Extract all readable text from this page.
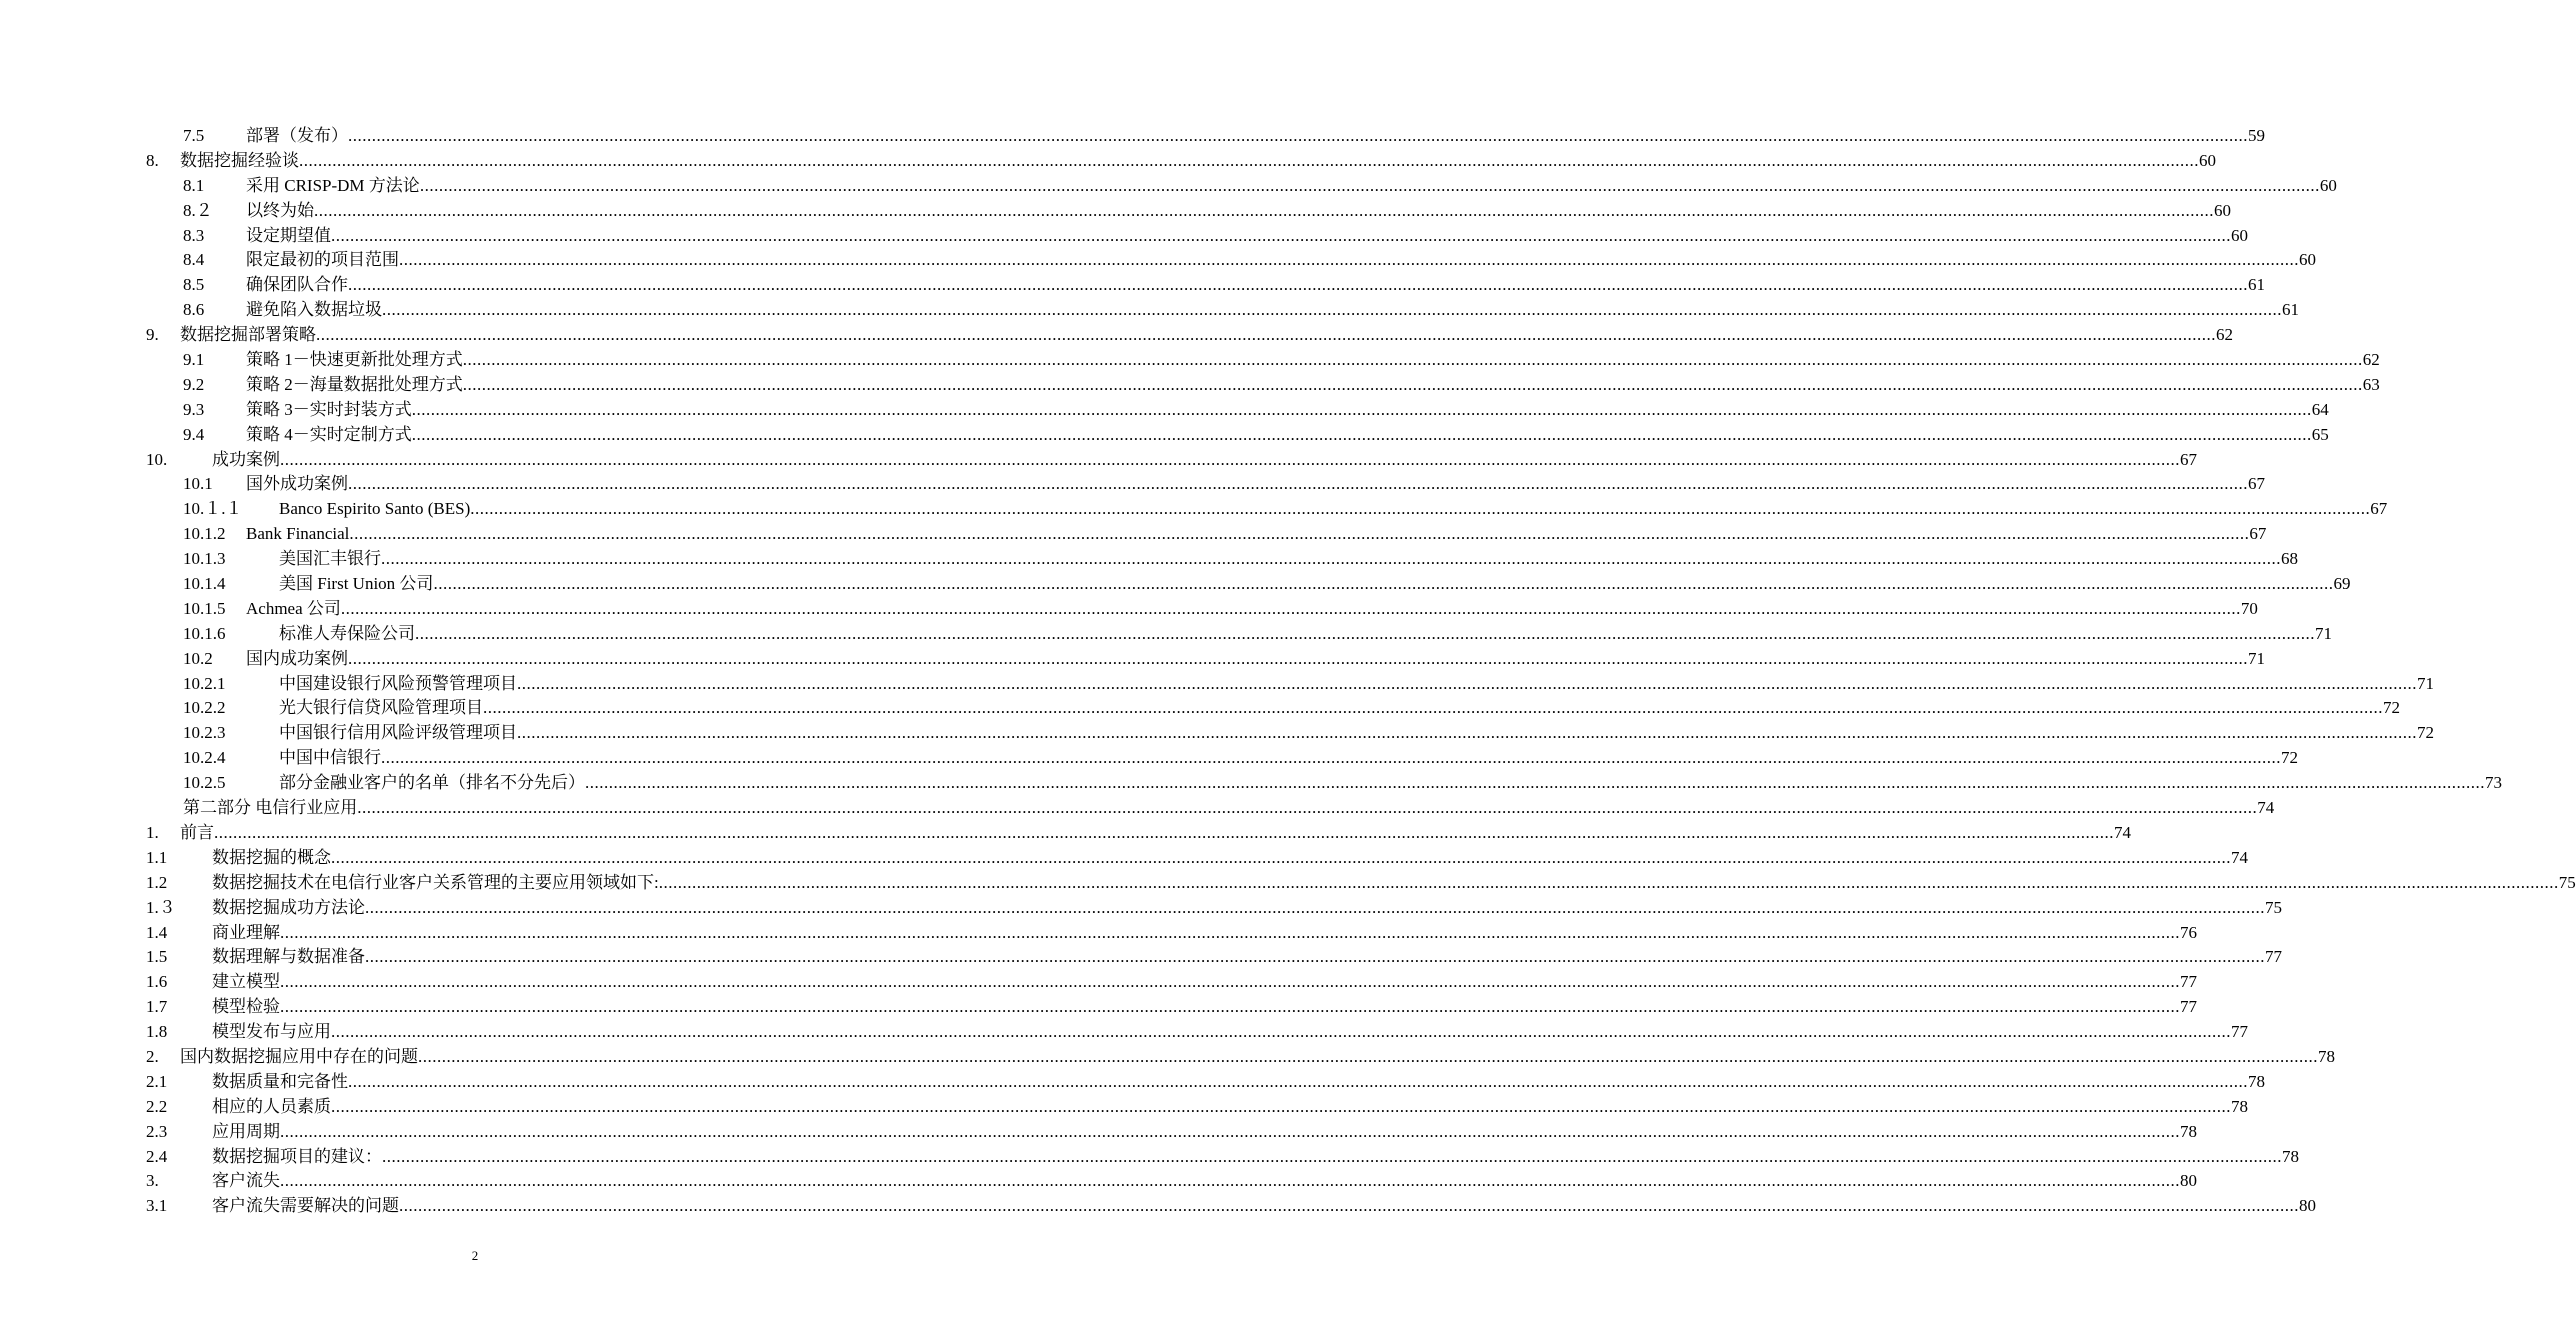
7.5 部署（发布） ................................................................................................................................................................................................................................................................................................................................................................................................................ 59
8. 数据挖掘经验谈 ................................................................................................................................................................................................................................................................................................................................................................................................................ 60
8.1 采用 CRISP-DM 方法论 ................................................................................................................................................................................................................................................................................................................................................................................................................ 60
8.２ 以终为始 ................................................................................................................................................................................................................................................................................................................................................................................................................ 60
8.3 设定期望值 ................................................................................................................................................................................................................................................................................................................................................................................................................ 60
8.4 限定最初的项目范围 ................................................................................................................................................................................................................................................................................................................................................................................................................ 60
8.5 确保团队合作 ................................................................................................................................................................................................................................................................................................................................................................................................................ 61
8.6 避免陷入数据垃圾 ................................................................................................................................................................................................................................................................................................................................................................................................................ 61
9. 数据挖掘部署策略 ................................................................................................................................................................................................................................................................................................................................................................................................................ 62
9.1 策略 1－快速更新批处理方式 ................................................................................................................................................................................................................................................................................................................................................................................................................ 62
9.2 策略 2－海量数据批处理方式 ................................................................................................................................................................................................................................................................................................................................................................................................................ 63
9.3 策略 3－实时封装方式 ................................................................................................................................................................................................................................................................................................................................................................................................................ 64
9.4 策略 4－实时定制方式 ................................................................................................................................................................................................................................................................................................................................................................................................................ 65
10.	成功案例 ................................................................................................................................................................................................................................................................................................................................................................................................................ 67
10.1 国外成功案例 ................................................................................................................................................................................................................................................................................................................................................................................................................ 67
10.１.１ Banco Espirito Santo (BES) ................................................................................................................................................................................................................................................................................................................................................................................................................ 67
10.1.2 Bank Financial ................................................................................................................................................................................................................................................................................................................................................................................................................ 67
10.1.3	美国汇丰银行 ................................................................................................................................................................................................................................................................................................................................................................................................................ 68
10.1.4	美国 First Union 公司 ................................................................................................................................................................................................................................................................................................................................................................................................................ 69
10.1.5 Achmea 公司 ................................................................................................................................................................................................................................................................................................................................................................................................................ 70
10.1.6	标准人寿保险公司 ................................................................................................................................................................................................................................................................................................................................................................................................................ 71
10.2 国内成功案例 ................................................................................................................................................................................................................................................................................................................................................................................................................ 71
10.2.1	中国建设银行风险预警管理项目 ................................................................................................................................................................................................................................................................................................................................................................................................................ 71
10.2.2	光大银行信贷风险管理项目 ................................................................................................................................................................................................................................................................................................................................................................................................................ 72
10.2.3	中国银行信用风险评级管理项目 ................................................................................................................................................................................................................................................................................................................................................................................................................ 72
10.2.4	中国中信银行 ................................................................................................................................................................................................................................................................................................................................................................................................................ 72
10.2.5	部分金融业客户的名单（排名不分先后） ................................................................................................................................................................................................................................................................................................................................................................................................................ 73
第二部分 电信行业应用 ................................................................................................................................................................................................................................................................................................................................................................................................................ 74
1. 前言 ................................................................................................................................................................................................................................................................................................................................................................................................................ 74
1.1	数据挖掘的概念 ................................................................................................................................................................................................................................................................................................................................................................................................................ 74
1.2	数据挖掘技术在电信行业客户关系管理的主要应用领域如下: ................................................................................................................................................................................................................................................................................................................................................................................................................ 75
1.３ 数据挖掘成功方法论 ................................................................................................................................................................................................................................................................................................................................................................................................................ 75
1.4	商业理解 ................................................................................................................................................................................................................................................................................................................................................................................................................ 76
1.5	数据理解与数据准备 ................................................................................................................................................................................................................................................................................................................................................................................................................ 77
1.6	建立模型 ................................................................................................................................................................................................................................................................................................................................................................................................................ 77
1.7	模型检验 ................................................................................................................................................................................................................................................................................................................................................................................................................ 77
1.8	模型发布与应用 ................................................................................................................................................................................................................................................................................................................................................................................................................ 77
2. 国内数据挖掘应用中存在的问题 ................................................................................................................................................................................................................................................................................................................................................................................................................ 78
2.1	数据质量和完备性 ................................................................................................................................................................................................................................................................................................................................................................................................................ 78
2.2	相应的人员素质 ................................................................................................................................................................................................................................................................................................................................................................................................................ 78
2.3	应用周期 ................................................................................................................................................................................................................................................................................................................................................................................................................ 78
2.4	数据挖掘项目的建议： ................................................................................................................................................................................................................................................................................................................................................................................................................ 78
3.	客户流失 ................................................................................................................................................................................................................................................................................................................................................................................................................ 80
3.1	客户流失需要解决的问题 ................................................................................................................................................................................................................................................................................................................................................................................................................ 80
2
